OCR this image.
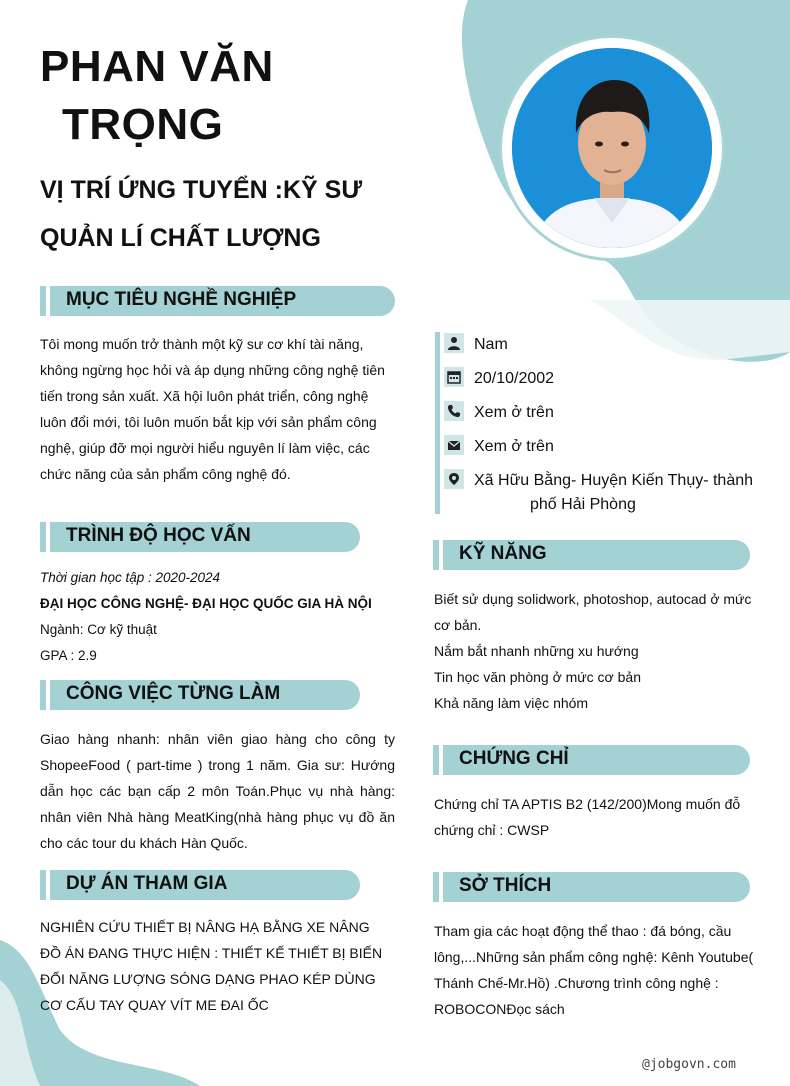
PHAN VĂN
TRỌNG
VỊ TRÍ ỨNG TUYỂN :KỸ SƯ
QUẢN LÍ CHẤT LƯỢNG
MỤC TIÊU NGHỀ NGHIỆP
Tôi mong muốn trở thành một kỹ sư cơ khí tài năng,
không ngừng học hỏi và áp dụng những công nghệ tiên
tiến trong sản xuất. Xã hội luôn phát triển, công nghệ
luôn đổi mới, tôi luôn muốn bắt kịp với sản phẩm công
nghệ, giúp đỡ mọi người hiểu nguyên lí làm việc, các
chức năng của sản phẩm công nghệ đó.
TRÌNH ĐỘ HỌC VẤN
Thời gian học tập : 2020-2024
ĐẠI HỌC CÔNG NGHỆ- ĐẠI HỌC QUỐC GIA HÀ NỘI
Ngành: Cơ kỹ thuật
GPA : 2.9
CÔNG VIỆC TỪNG LÀM
Giao hàng nhanh: nhân viên giao hàng cho công ty ShopeeFood ( part-time ) trong 1 năm. Gia sư: Hướng dẫn học các bạn cấp 2 môn Toán.Phục vụ nhà hàng: nhân viên Nhà hàng MeatKing(nhà hàng phục vụ đồ ăn cho các tour du khách Hàn Quốc.
DỰ ÁN THAM GIA
NGHIÊN CỨU THIẾT BỊ NÂNG HẠ BẰNG XE NÂNG
ĐỒ ÁN ĐANG THỰC HIỆN : THIẾT KẾ THIẾT BỊ BIẾN ĐỔI NĂNG LƯỢNG SÓNG DẠNG PHAO KÉP DÙNG CƠ CẤU TAY QUAY VÍT ME ĐAI ỐC
Nam
20/10/2002
Xem ở trên
Xem ở trên
Xã Hữu Bằng- Huyện Kiến Thụy- thành
phố Hải Phòng
KỸ NĂNG
Biết sử dụng solidwork, photoshop, autocad ở mức
cơ bản.
Nắm bắt nhanh những xu hướng
Tin học văn phòng ở mức cơ bản
Khả năng làm việc nhóm
CHỨNG CHỈ
Chứng chỉ TA APTIS B2 (142/200)Mong muốn đỗ
chứng chỉ : CWSP
SỞ THÍCH
Tham gia các hoạt động thể thao : đá bóng, cầu
lông,...Những sản phẩm công nghệ: Kênh Youtube(
Thánh Chế-Mr.Hồ) .Chương trình công nghệ :
ROBOCONĐọc sách
@jobgovn.com
